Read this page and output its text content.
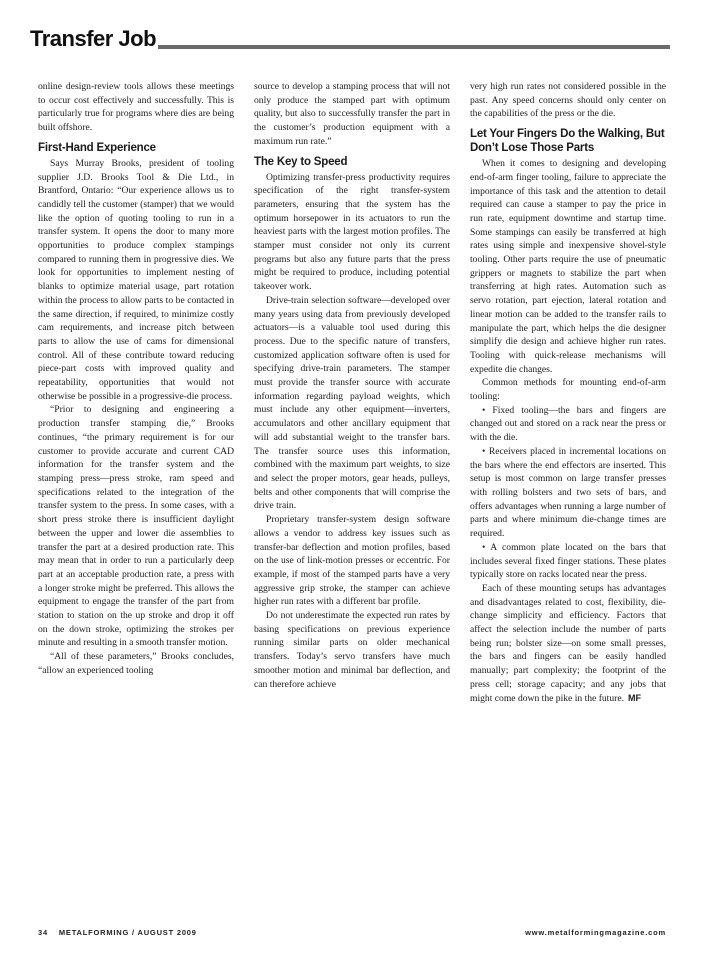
Transfer Job

online design-review tools allows these meetings to occur cost effectively and successfully. This is particularly true for programs where dies are being built offshore.

First-Hand Experience

Says Murray Brooks, president of tooling supplier J.D. Brooks Tool & Die Ltd., in Brantford, Ontario: “Our experience allows us to candidly tell the customer (stamper) that we would like the option of quoting tooling to run in a transfer system. It opens the door to many more opportunities to produce complex stampings compared to running them in progressive dies. We look for opportunities to implement nesting of blanks to optimize material usage, part rotation within the process to allow parts to be contacted in the same direction, if required, to minimize costly cam requirements, and increase pitch between parts to allow the use of cams for dimensional control. All of these contribute toward reducing piece-part costs with improved quality and repeatability, opportunities that would not otherwise be possible in a progressive-die process.

“Prior to designing and engineering a production transfer stamping die,” Brooks continues, “the primary requirement is for our customer to provide accurate and current CAD information for the transfer system and the stamping press—press stroke, ram speed and specifications related to the integration of the transfer system to the press. In some cases, with a short press stroke there is insufficient daylight between the upper and lower die assemblies to transfer the part at a desired production rate. This may mean that in order to run a particularly deep part at an acceptable production rate, a press with a longer stroke might be preferred. This allows the equipment to engage the transfer of the part from station to station on the up stroke and drop it off on the down stroke, optimizing the strokes per minute and resulting in a smooth transfer motion.

“All of these parameters,” Brooks concludes, “allow an experienced tooling

source to develop a stamping process that will not only produce the stamped part with optimum quality, but also to successfully transfer the part in the customer’s production equipment with a maximum run rate.”

The Key to Speed

Optimizing transfer-press productivity requires specification of the right transfer-system parameters, ensuring that the system has the optimum horsepower in its actuators to run the heaviest parts with the largest motion profiles. The stamper must consider not only its current programs but also any future parts that the press might be required to produce, including potential takeover work.

Drive-train selection software—developed over many years using data from previously developed actuators—is a valuable tool used during this process. Due to the specific nature of transfers, customized application software often is used for specifying drive-train parameters. The stamper must provide the transfer source with accurate information regarding payload weights, which must include any other equipment—inverters, accumulators and other ancillary equipment that will add substantial weight to the transfer bars. The transfer source uses this information, combined with the maximum part weights, to size and select the proper motors, gear heads, pulleys, belts and other components that will comprise the drive train.

Proprietary transfer-system design software allows a vendor to address key issues such as transfer-bar deflection and motion profiles, based on the use of link-motion presses or eccentric. For example, if most of the stamped parts have a very aggressive grip stroke, the stamper can achieve higher run rates with a different bar profile.

Do not underestimate the expected run rates by basing specifications on previous experience running similar parts on older mechanical transfers. Today’s servo transfers have much smoother motion and minimal bar deflection, and can therefore achieve

very high run rates not considered possible in the past. Any speed concerns should only center on the capabilities of the press or the die.

Let Your Fingers Do the Walking, But Don’t Lose Those Parts

When it comes to designing and developing end-of-arm finger tooling, failure to appreciate the importance of this task and the attention to detail required can cause a stamper to pay the price in run rate, equipment downtime and startup time. Some stampings can easily be transferred at high rates using simple and inexpensive shovel-style tooling. Other parts require the use of pneumatic grippers or magnets to stabilize the part when transferring at high rates. Automation such as servo rotation, part ejection, lateral rotation and linear motion can be added to the transfer rails to manipulate the part, which helps the die designer simplify die design and achieve higher run rates. Tooling with quick-release mechanisms will expedite die changes.

Common methods for mounting end-of-arm tooling:

• Fixed tooling—the bars and fingers are changed out and stored on a rack near the press or with the die.

• Receivers placed in incremental locations on the bars where the end effectors are inserted. This setup is most common on large transfer presses with rolling bolsters and two sets of bars, and offers advantages when running a large number of parts and where minimum die-change times are required.

• A common plate located on the bars that includes several fixed finger stations. These plates typically store on racks located near the press.

Each of these mounting setups has advantages and disadvantages related to cost, flexibility, die-change simplicity and efficiency. Factors that affect the selection include the number of parts being run; bolster size—on some small presses, the bars and fingers can be easily handled manually; part complexity; the footprint of the press cell; storage capacity; and any jobs that might come down the pike in the future. MF

34 METALFORMING / AUGUST 2009	www.metalformingmagazine.com
